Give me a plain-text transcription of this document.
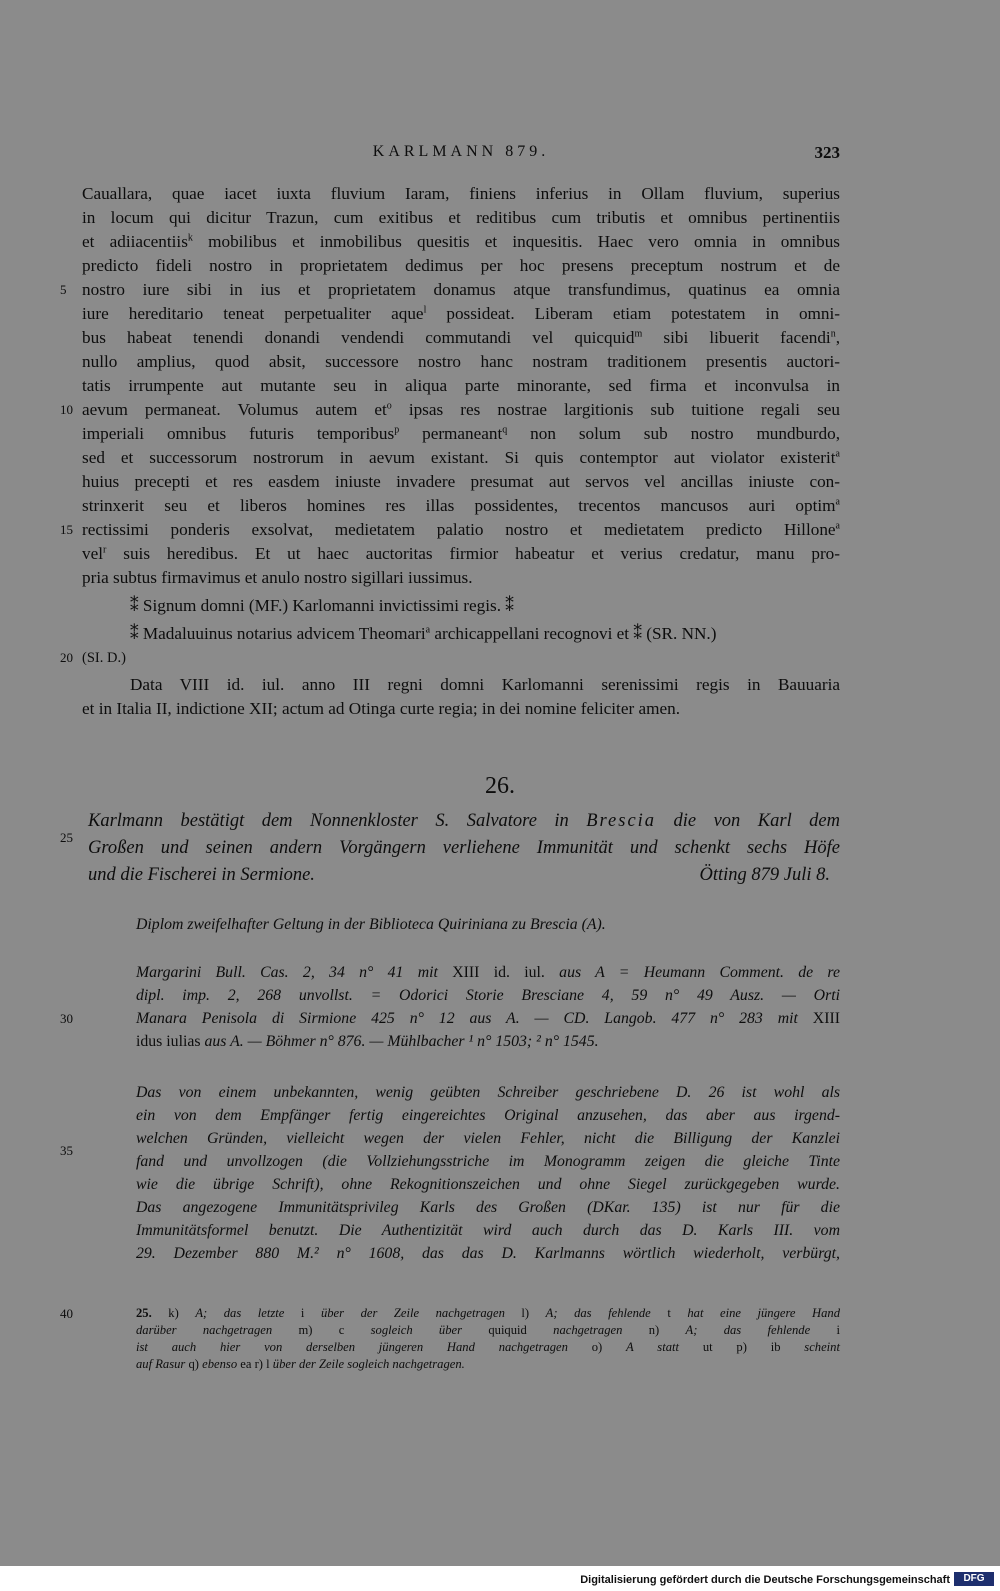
KARLMANN 879.	323
Cauallara, quae iacet iuxta fluvium Iaram, finiens inferius in Ollam fluvium, superius
in locum qui dicitur Trazun, cum exitibus et reditibus cum tributis et omnibus pertinentiis
et adiiacentiis$^k$ mobilibus et inmobilibus quesitis et inquesitis. Haec vero omnia in omnibus
predicto fideli nostro in proprietatem dedimus per hoc presens preceptum nostrum et de
nostro iure sibi in ius et proprietatem donamus atque transfundimus, quatinus ea omnia
iure hereditario teneat perpetualiter aque$^l$ possideat. Liberam etiam potestatem in omni-
bus habeat tenendi donandi vendendi commutandi vel quicquid$^m$ sibi libuerit facendi$^n$,
nullo amplius, quod absit, successore nostro hanc nostram traditionem presentis auctori-
tatis irrumpente aut mutante seu in aliqua parte minorante, sed firma et inconvulsa in
aevum permaneat. Volumus autem $et^o$ ipsas res nostrae largitionis sub tuitione regali seu
imperiali omnibus futuris temporibus$^p$ permaneant$^q$ non solum sub nostro mundburdo,
sed et successorum nostrorum in aevum existant. Si quis contemptor aut violator existerit$^a$
huius precepti et res easdem iniuste invadere presumat aut servos vel ancillas iniuste con-
strinxerit seu et liberos homines res illas possidentes, trecentos mancusos auri optim$^a$
rectissimi ponderis exsolvat, medietatem palatio nostro et medietatem predicto Hillone$^a$
vel$^r$ suis heredibus. Et ut haec auctoritas firmior habeatur et verius credatur, manu pro-
pria subtus firmavimus et anulo nostro sigillari iussimus.
⁑ Signum domni (MF.) Karlomanni invictissimi regis. ⁑
⁑ Madaluuinus notarius advicem Theomari$^a$ archicappellani recognovi et ⁑ (SR. NN.)
(SI. D.)
Data VIII id. iul. anno III regni domni Karlomanni serenissimi regis in Bauuaria
et in Italia II, indictione XII; actum ad Otinga curte regia; in dei nomine feliciter amen.
5
10
15
20
25
30
35
40
26.
Karlmann bestätigt dem Nonnenkloster S. Salvatore in Brescia die von Karl dem
Großen und seinen andern Vorgängern verliehene Immunität und schenkt sechs Höfe
und die Fischerei in Sermione.	Ötting 879 Juli 8.
Diplom zweifelhafter Geltung in der Biblioteca Quiriniana zu Brescia (A).
Margarini Bull. Cas. 2, 34 n° 41 mit XIII id. iul. aus A = Heumann Comment. de re
dipl. imp. 2, 268 unvollst. = Odorici Storie Bresciane 4, 59 n° 49 Ausz. — Orti
Manara Penisola di Sirmione 425 n° 12 aus A. — CD. Langob. 477 n° 283 mit XIII
idus iulias aus A. — Böhmer n° 876. — Mühlbacher ¹ n° 1503; ² n° 1545.
Das von einem unbekannten, wenig geübten Schreiber geschriebene D. 26 ist wohl als
ein von dem Empfänger fertig eingereichtes Original anzusehen, das aber aus irgend-
welchen Gründen, vielleicht wegen der vielen Fehler, nicht die Billigung der Kanzlei
fand und unvollzogen (die Vollziehungsstriche im Monogramm zeigen die gleiche Tinte
wie die übrige Schrift), ohne Rekognitionszeichen und ohne Siegel zurückgegeben wurde.
Das angezogene Immunitätsprivileg Karls des Großen (DKar. 135) ist nur für die
Immunitätsformel benutzt. Die Authentizität wird auch durch das D. Karls III. vom
29. Dezember 880 M.² n° 1608, das das D. Karlmanns wörtlich wiederholt, verbürgt,
25. k) A; das letzte i über der Zeile nachgetragen l) A; das fehlende t hat eine jüngere Hand
darüber nachgetragen m) c sogleich über quiquid nachgetragen n) A; das fehlende i
ist auch hier von derselben jüngeren Hand nachgetragen o) A statt ut p) ib scheint
auf Rasur q) ebenso ea r) l über der Zeile sogleich nachgetragen.
Digitalisierung gefördert durch die Deutsche Forschungsgemeinschaft	DFG
